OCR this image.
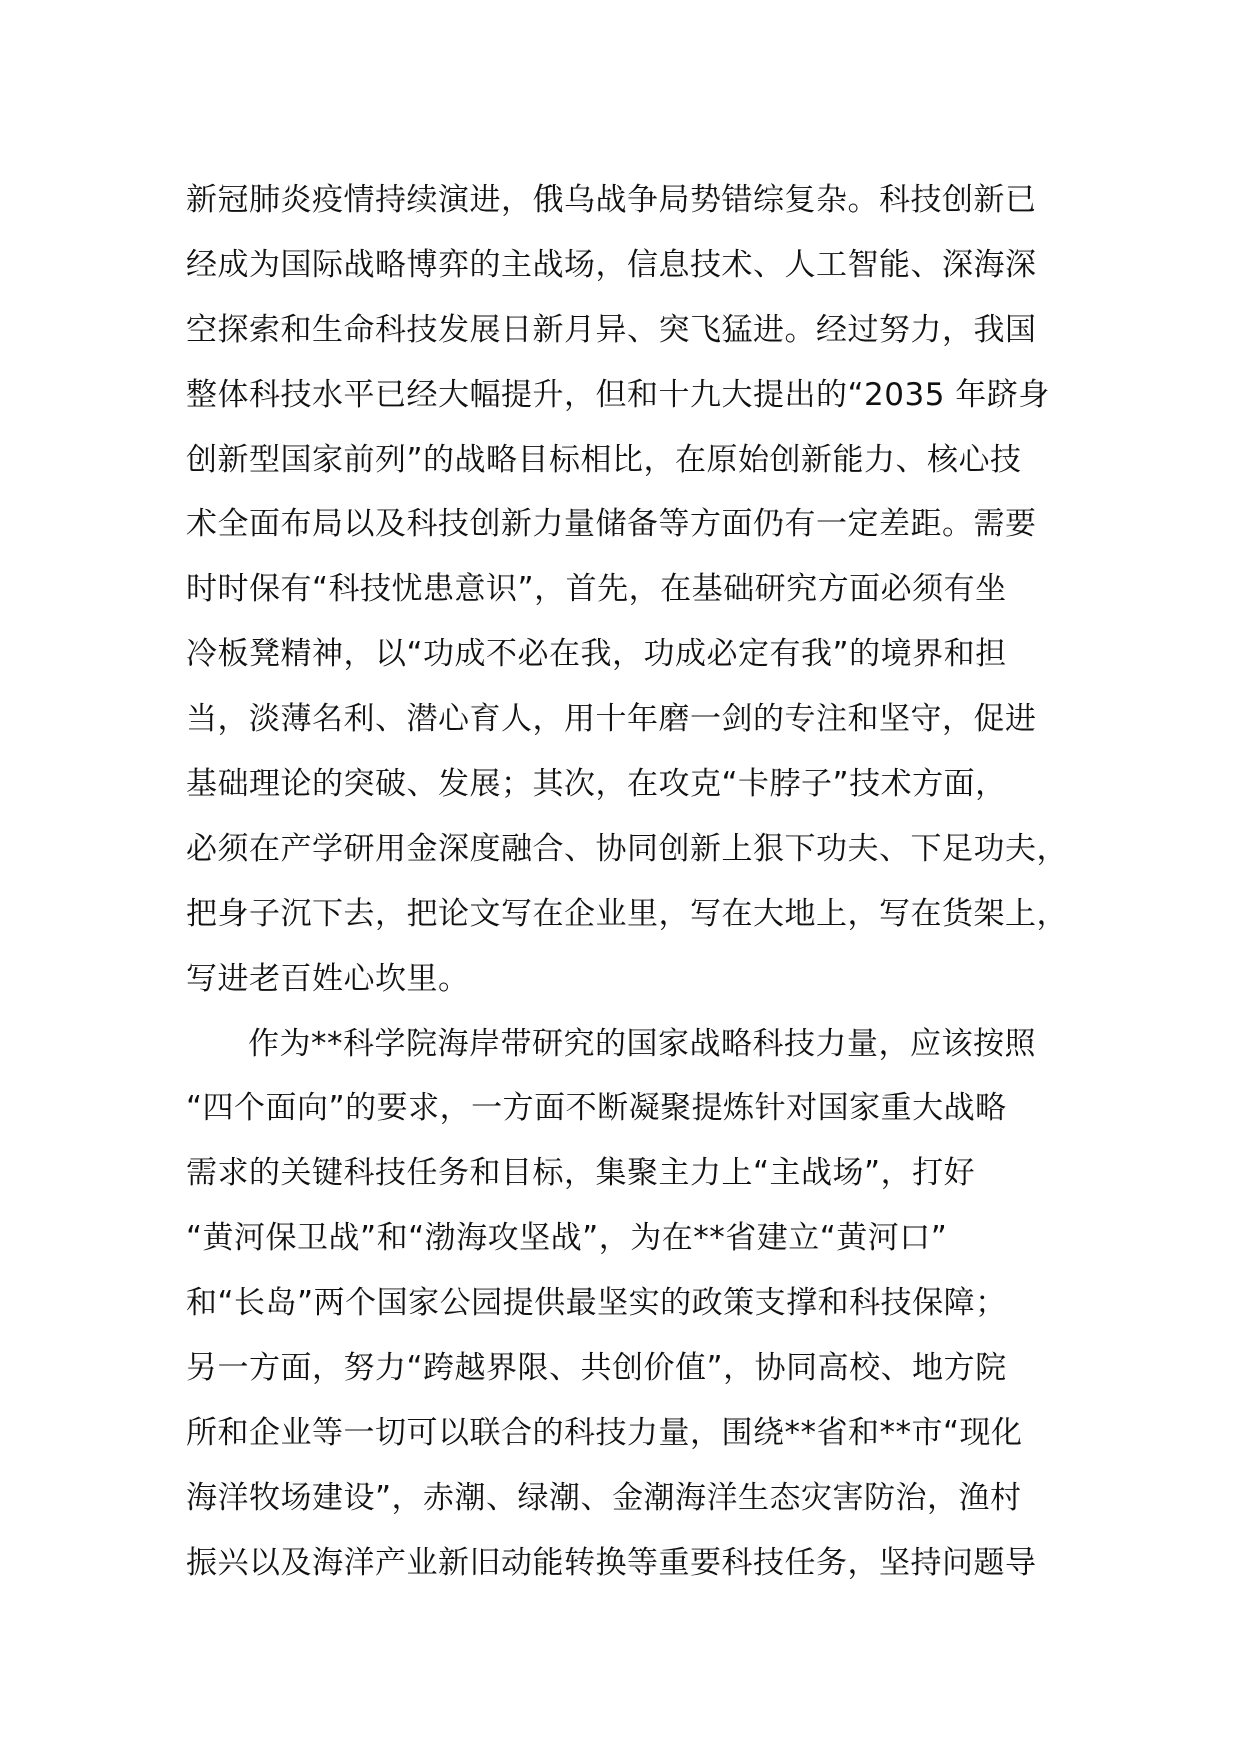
新冠肺炎疫情持续演进，俄乌战争局势错综复杂。科技创新已
经成为国际战略博弈的主战场，信息技术、人工智能、深海深
空探索和生命科技发展日新月异、突飞猛进。经过努力，我国
整体科技水平已经大幅提升，但和十九大提出的“2035 年跻身
创新型国家前列”的战略目标相比，在原始创新能力、核心技
术全面布局以及科技创新力量储备等方面仍有一定差距。需要
时时保有“科技忧患意识”，首先，在基础研究方面必须有坐
冷板凳精神，以“功成不必在我，功成必定有我”的境界和担
当，淡薄名利、潜心育人，用十年磨一剑的专注和坚守，促进
基础理论的突破、发展；其次，在攻克“卡脖子”技术方面，
必须在产学研用金深度融合、协同创新上狠下功夫、下足功夫，
把身子沉下去，把论文写在企业里，写在大地上，写在货架上，
写进老百姓心坎里。
作为**科学院海岸带研究的国家战略科技力量，应该按照
“四个面向”的要求，一方面不断凝聚提炼针对国家重大战略
需求的关键科技任务和目标，集聚主力上“主战场”，打好
“黄河保卫战”和“渤海攻坚战”，为在**省建立“黄河口”
和“长岛”两个国家公园提供最坚实的政策支撑和科技保障；
另一方面，努力“跨越界限、共创价值”，协同高校、地方院
所和企业等一切可以联合的科技力量，围绕**省和**市“现化
海洋牧场建设”，赤潮、绿潮、金潮海洋生态灾害防治，渔村
振兴以及海洋产业新旧动能转换等重要科技任务，坚持问题导
